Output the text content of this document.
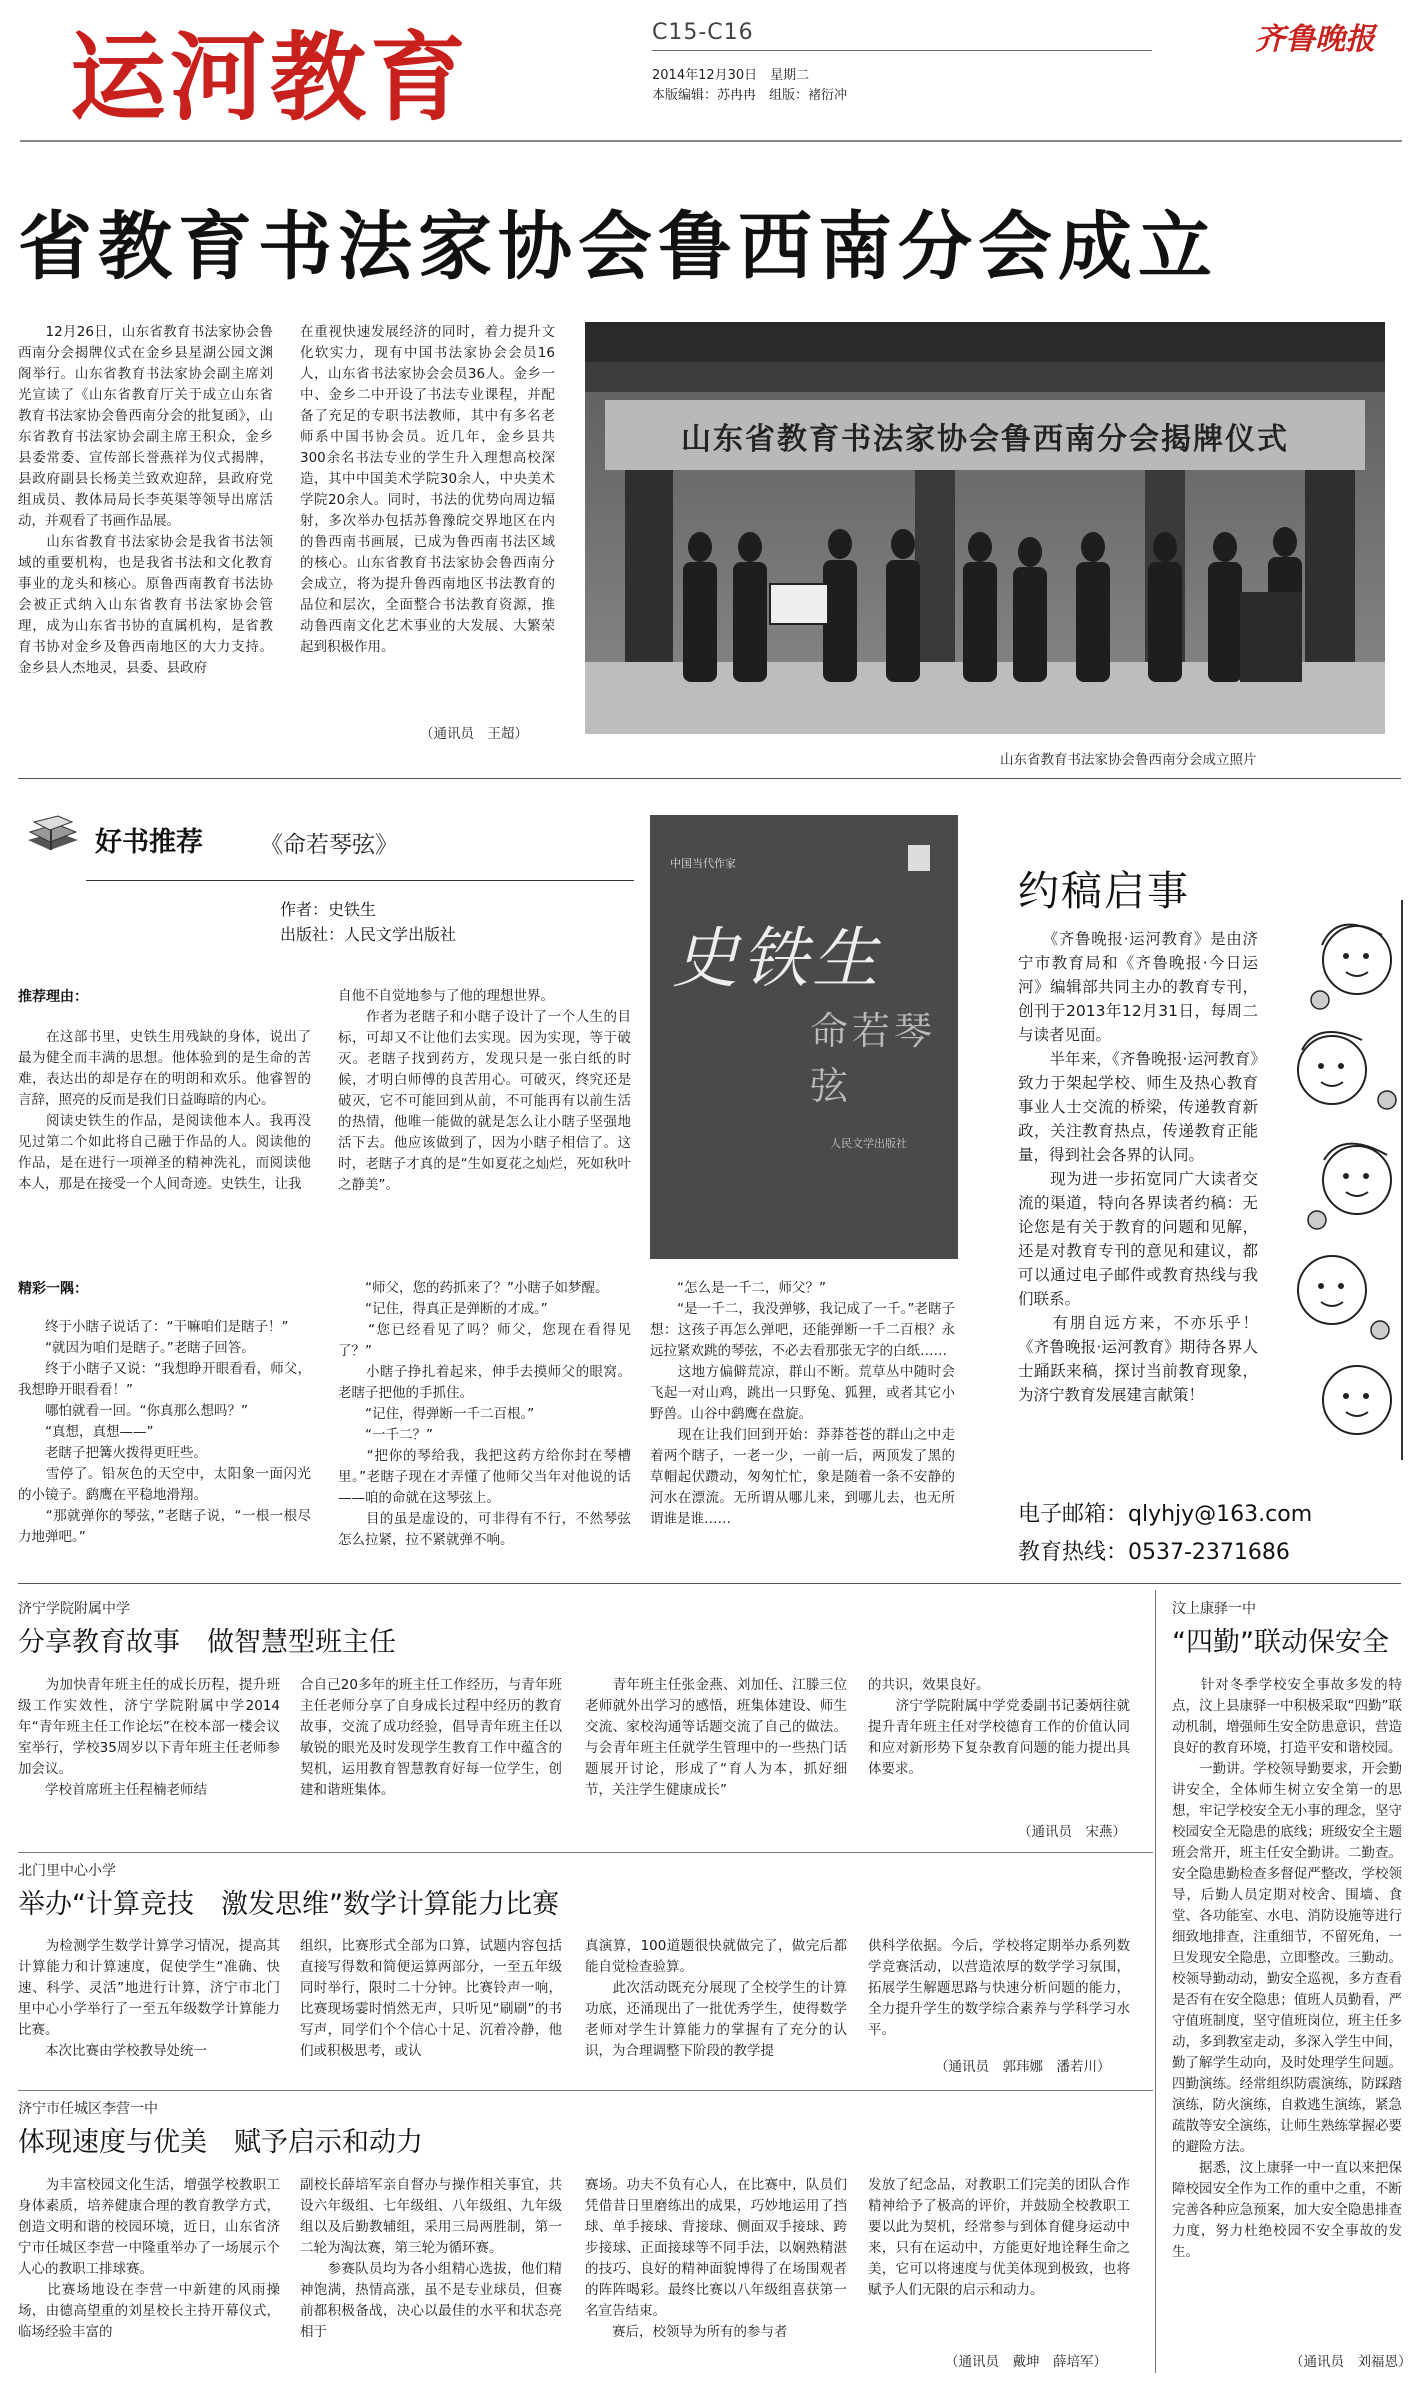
运河教育	C15-C16
2014年12月30日　星期二
本版编辑：苏冉冉　组版：褚衍冲
齐鲁晚报
省教育书法家协会鲁西南分会成立
　　12月26日，山东省教育书法家协会鲁西南分会揭牌仪式在金乡县星湖公园文渊阁举行。山东省教育书法家协会副主席刘光宣读了《山东省教育厅关于成立山东省教育书法家协会鲁西南分会的批复函》，山东省教育书法家协会副主席王积众，金乡县委常委、宣传部长誉燕祥为仪式揭牌，县政府副县长杨美兰致欢迎辞，县政府党组成员、教体局局长李英渠等领导出席活动，并观看了书画作品展。
　　山东省教育书法家协会是我省书法领域的重要机构，也是我省书法和文化教育事业的龙头和核心。原鲁西南教育书法协会被正式纳入山东省教育书法家协会管理，成为山东省书协的直属机构，是省教育书协对金乡及鲁西南地区的大力支持。金乡县人杰地灵，县委、县政府
在重视快速发展经济的同时，着力提升文化软实力，现有中国书法家协会会员16人，山东省书法家协会会员36人。金乡一中、金乡二中开设了书法专业课程，并配备了充足的专职书法教师，其中有多名老师系中国书协会员。近几年，金乡县共300余名书法专业的学生升入理想高校深造，其中中国美术学院30余人，中央美术学院20余人。同时，书法的优势向周边辐射，多次举办包括苏鲁豫皖交界地区在内的鲁西南书画展，已成为鲁西南书法区域的核心。山东省教育书法家协会鲁西南分会成立，将为提升鲁西南地区书法教育的品位和层次，全面整合书法教育资源，推动鲁西南文化艺术事业的大发展、大繁荣起到积极作用。
（通讯员　王超）
山东省教育书法家协会鲁西南分会揭牌仪式
山东省教育书法家协会鲁西南分会成立照片
好书推荐 《命若琴弦》
作者：史铁生
出版社：人民文学出版社
中国当代作家
史铁生
命若琴弦
人民文学出版社
推荐理由：
　　在这部书里，史铁生用残缺的身体，说出了最为健全而丰满的思想。他体验到的是生命的苦难，表达出的却是存在的明朗和欢乐。他睿智的言辞，照亮的反而是我们日益晦暗的内心。
　　阅读史铁生的作品，是阅读他本人。我再没见过第二个如此将自己融于作品的人。阅读他的作品，是在进行一项禅圣的精神洗礼，而阅读他本人，那是在接受一个人间奇迹。史铁生，让我
自他不自觉地参与了他的理想世界。
　　作者为老瞎子和小瞎子设计了一个人生的目标，可却又不让他们去实现。因为实现，等于破灭。老瞎子找到药方，发现只是一张白纸的时候，才明白师傅的良苦用心。可破灭，终究还是破灭，它不可能回到从前，不可能再有以前生活的热情，他唯一能做的就是怎么让小瞎子坚强地活下去。他应该做到了，因为小瞎子相信了。这时，老瞎子才真的是“生如夏花之灿烂，死如秋叶之静美”。
精彩一隅：
　　终于小瞎子说话了：“干嘛咱们是瞎子！”
　　“就因为咱们是瞎子。”老瞎子回答。
　　终于小瞎子又说：“我想睁开眼看看，师父，我想睁开眼看看！”
　　哪怕就看一回。“你真那么想吗？”
　　“真想，真想——”
　　老瞎子把篝火拨得更旺些。
　　雪停了。铅灰色的天空中，太阳象一面闪光的小镜子。鹞鹰在平稳地滑翔。
　　“那就弹你的琴弦，”老瞎子说，“一根一根尽力地弹吧。”
　　“师父，您的药抓来了？”小瞎子如梦醒。
　　“记住，得真正是弹断的才成。”
　　“您已经看见了吗？师父，您现在看得见了？”
　　小瞎子挣扎着起来，伸手去摸师父的眼窝。老瞎子把他的手抓住。
　　“记住，得弹断一千二百根。”
　　“一千二？”
　　“把你的琴给我，我把这药方给你封在琴槽里。”老瞎子现在才弄懂了他师父当年对他说的话——咱的命就在这琴弦上。
　　目的虽是虚设的，可非得有不行，不然琴弦怎么拉紧，拉不紧就弹不响。
　　“怎么是一千二，师父？”
　　“是一千二，我没弹够，我记成了一千。”老瞎子想：这孩子再怎么弹吧，还能弹断一千二百根？永远拉紧欢跳的琴弦，不必去看那张无字的白纸……
　　这地方偏僻荒凉，群山不断。荒草丛中随时会飞起一对山鸡，跳出一只野兔、狐狸，或者其它小野兽。山谷中鹞鹰在盘旋。
　　现在让我们回到开始：莽莽苍苍的群山之中走着两个瞎子，一老一少，一前一后，两顶发了黑的草帽起伏躜动，匆匆忙忙，象是随着一条不安静的河水在漂流。无所谓从哪儿来，到哪儿去，也无所谓谁是谁……
约稿启事
　　《齐鲁晚报·运河教育》是由济宁市教育局和《齐鲁晚报·今日运河》编辑部共同主办的教育专刊，创刊于2013年12月31日，每周二与读者见面。
　　半年来，《齐鲁晚报·运河教育》致力于架起学校、师生及热心教育事业人士交流的桥梁，传递教育新政，关注教育热点，传递教育正能量，得到社会各界的认同。
　　现为进一步拓宽同广大读者交流的渠道，特向各界读者约稿：无论您是有关于教育的问题和见解，还是对教育专刊的意见和建议，都可以通过电子邮件或教育热线与我们联系。
　　有朋自远方来，不亦乐乎！《齐鲁晚报·运河教育》期待各界人士踊跃来稿，探讨当前教育现象，为济宁教育发展建言献策！
电子邮箱：qlyhjy@163.com
教育热线：0537-2371686
济宁学院附属中学
分享教育故事　做智慧型班主任
　　为加快青年班主任的成长历程，提升班级工作实效性，济宁学院附属中学2014年“青年班主任工作论坛”在校本部一楼会议室举行，学校35周岁以下青年班主任老师参加会议。
　　学校首席班主任程楠老师结
合自己20多年的班主任工作经历，与青年班主任老师分享了自身成长过程中经历的教育故事，交流了成功经验，倡导青年班主任以敏锐的眼光及时发现学生教育工作中蕴含的契机，运用教育智慧教育好每一位学生，创建和谐班集体。
　　青年班主任张金燕、刘加任、江滕三位老师就外出学习的感悟，班集体建设、师生交流、家校沟通等话题交流了自己的做法。与会青年班主任就学生管理中的一些热门话题展开讨论，形成了“育人为本，抓好细节，关注学生健康成长”
的共识，效果良好。
　　济宁学院附属中学党委副书记萎炳往就提升青年班主任对学校德育工作的价值认同和应对新形势下复杂教育问题的能力提出具体要求。
（通讯员　宋燕）
北门里中心小学
举办“计算竞技　激发思维”数学计算能力比赛
　　为检测学生数学计算学习情况，提高其计算能力和计算速度，促使学生“准确、快速、科学、灵活”地进行计算，济宁市北门里中心小学举行了一至五年级数学计算能力比赛。
　　本次比赛由学校教导处统一
组织，比赛形式全部为口算，试题内容包括直接写得数和简便运算两部分，一至五年级同时举行，限时二十分钟。比赛铃声一响，比赛现场霎时悄然无声，只听见“刷刷”的书写声，同学们个个信心十足、沉着冷静，他们或积极思考，或认
真演算，100道题很快就做完了，做完后都能自觉检查验算。
　　此次活动既充分展现了全校学生的计算功底，还涌现出了一批优秀学生，使得数学老师对学生计算能力的掌握有了充分的认识，为合理调整下阶段的教学提
供科学依据。今后，学校将定期举办系列数学竞赛活动，以营造浓厚的数学学习氛围，拓展学生解题思路与快速分析问题的能力，全力提升学生的数学综合素养与学科学习水平。
（通讯员　郭玮娜　潘若川）
济宁市任城区李营一中
体现速度与优美　赋予启示和动力
　　为丰富校园文化生活，增强学校教职工身体素质，培养健康合理的教育教学方式，创造文明和谐的校园环境，近日，山东省济宁市任城区李营一中隆重举办了一场展示个人心的教职工排球赛。
　　比赛场地设在李营一中新建的风雨操场，由德高望重的刘星校长主持开幕仪式，临场经验丰富的
副校长薛培军亲自督办与操作相关事宜，共设六年级组、七年级组、八年级组、九年级组以及后勤教辅组，采用三局两胜制，第一二轮为淘汰赛，第三轮为循环赛。
　　参赛队员均为各小组精心选拔，他们精神饱满，热情高涨，虽不是专业球员，但赛前都积极备战，决心以最佳的水平和状态亮相于
赛场。功夫不负有心人，在比赛中，队员们凭借昔日里磨练出的成果，巧妙地运用了挡球、单手接球、背接球、侧面双手接球、跨步接球、正面接球等不同手法，以娴熟精湛的技巧、良好的精神面貌博得了在场围观者的阵阵喝彩。最终比赛以八年级组喜获第一名宣告结束。
　　赛后，校领导为所有的参与者
发放了纪念品，对教职工们完美的团队合作精神给予了极高的评价，并鼓励全校教职工要以此为契机，经常参与到体育健身运动中来，只有在运动中，方能更好地诠释生命之美，它可以将速度与优美体现到极致，也将赋予人们无限的启示和动力。
（通讯员　戴坤　薛培军）
汶上康驿一中
“四勤”联动保安全
　　针对冬季学校安全事故多发的特点，汶上县康驿一中积极采取“四勤”联动机制，增强师生安全防患意识，营造良好的教育环境，打造平安和谐校园。
　　一勤讲。学校领导勤要求，开会勤讲安全，全体师生树立安全第一的思想，牢记学校安全无小事的理念，坚守校园安全无隐患的底线；班级安全主题班会常开，班主任安全勤讲。二勤查。安全隐患勤检查多督促严整改，学校领导，后勤人员定期对校舍、围墙、食堂、各功能室、水电、消防设施等进行细致地排查，注重细节，不留死角，一旦发现安全隐患，立即整改。三勤动。校领导勤动动，勤安全巡视，多方查看是否有在安全隐患；值班人员勤看，严守值班制度，坚守值班岗位，班主任多动，多到教室走动，多深入学生中间，勤了解学生动向，及时处理学生问题。四勤演练。经常组织防震演练，防踩踏演练，防火演练，自救逃生演练，紧急疏散等安全演练，让师生熟练掌握必要的避险方法。
　　据悉，汶上康驿一中一直以来把保障校园安全作为工作的重中之重，不断完善各种应急预案，加大安全隐患排查力度，努力杜绝校园不安全事故的发生。
（通讯员　刘福恩）
